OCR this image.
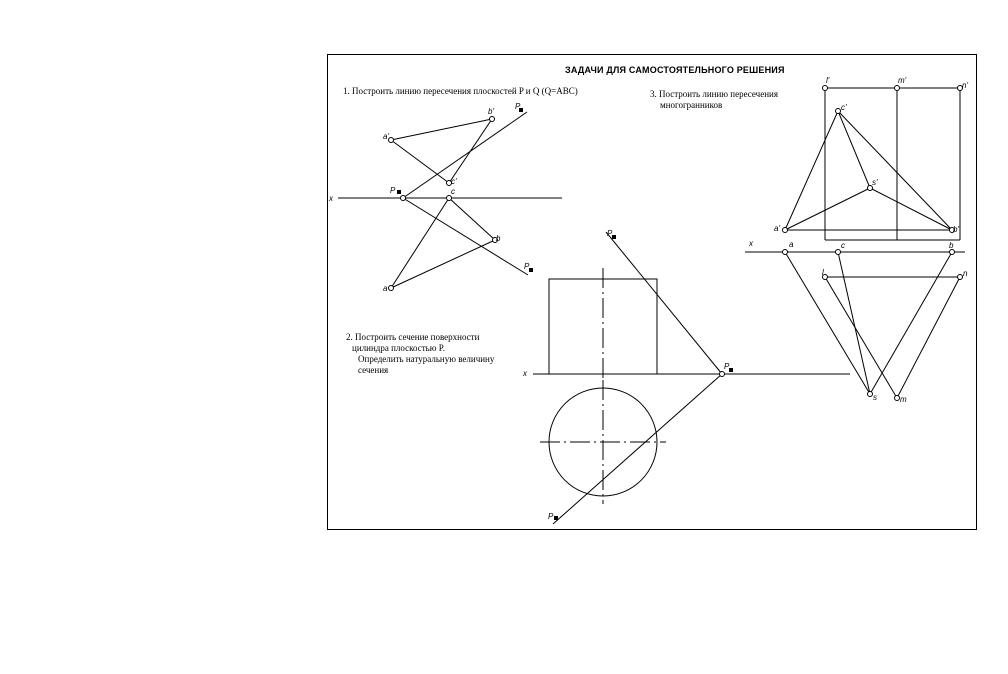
ЗАДАЧИ ДЛЯ САМОСТОЯТЕЛЬНОГО РЕШЕНИЯ
1. Построить линию пересечения плоскостей P и Q (Q=ABC)
2. Построить сечение поверхности
цилиндра плоскостью P.
Определить натуральную величину
сечения
3. Построить линию пересечения
многогранников
x
P
P
P
a'
b'
c'
c
a
b
x
P
P
P
x
l'	m'
n'
c'
s'
a'	b'
a	c	b
l	n
s	m
